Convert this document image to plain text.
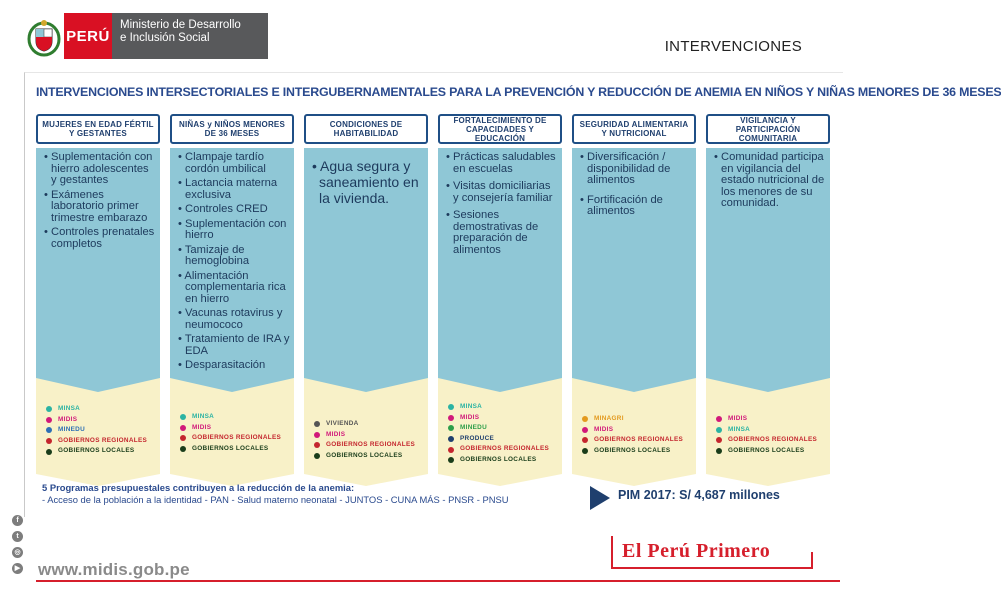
PERÚ
Ministerio de Desarrollo
e Inclusión Social	INTERVENCIONES
INTERVENCIONES INTERSECTORIALES E INTERGUBERNAMENTALES PARA LA PREVENCIÓN Y REDUCCIÓN DE ANEMIA EN NIÑOS Y NIÑAS MENORES DE 36 MESES
MUJERES EN EDAD FÉRTIL Y GESTANTES
• Suplementación con hierro adolescentes y gestantes
• Exámenes laboratorio primer trimestre embarazo
• Controles prenatales completos
MINSA
MIDIS
MINEDU
GOBIERNOS REGIONALES
GOBIERNOS LOCALES
NIÑAS y NIÑOS MENORES DE 36 MESES
• Clampaje tardío cordón umbilical
• Lactancia materna exclusiva
• Controles CRED
• Suplementación con hierro
• Tamizaje de hemoglobina
• Alimentación complementaria rica en hierro
• Vacunas rotavirus y neumococo
• Tratamiento de IRA y EDA
• Desparasitación
MINSA
MIDIS
GOBIERNOS REGIONALES
GOBIERNOS LOCALES
CONDICIONES DE HABITABILIDAD
• Agua segura y saneamiento en la vivienda.
VIVIENDA
MIDIS
GOBIERNOS REGIONALES
GOBIERNOS LOCALES
FORTALECIMIENTO DE CAPACIDADES Y EDUCACIÓN
• Prácticas saludables en escuelas
• Visitas domiciliarias y consejería familiar
• Sesiones demostrativas de preparación de alimentos
MINSA
MIDIS
MINEDU
PRODUCE
GOBIERNOS REGIONALES
GOBIERNOS LOCALES
SEGURIDAD ALIMENTARIA Y NUTRICIONAL
• Diversificación / disponibilidad de alimentos
• Fortificación de alimentos
MINAGRI
MIDIS
GOBIERNOS REGIONALES
GOBIERNOS LOCALES
VIGILANCIA Y PARTICIPACIÓN COMUNITARIA
• Comunidad participa en vigilancia del estado nutricional de los menores de su comunidad.
MIDIS
MINSA
GOBIERNOS REGIONALES
GOBIERNOS LOCALES
5 Programas presupuestales contribuyen a la reducción de la anemia:
- Acceso de la población a la identidad - PAN - Salud materno neonatal - JUNTOS - CUNA MÁS - PNSR - PNSU	PIM 2017: S/ 4,687 millones
f
t
◎
▶ www.midis.gob.pe
El Perú Primero
